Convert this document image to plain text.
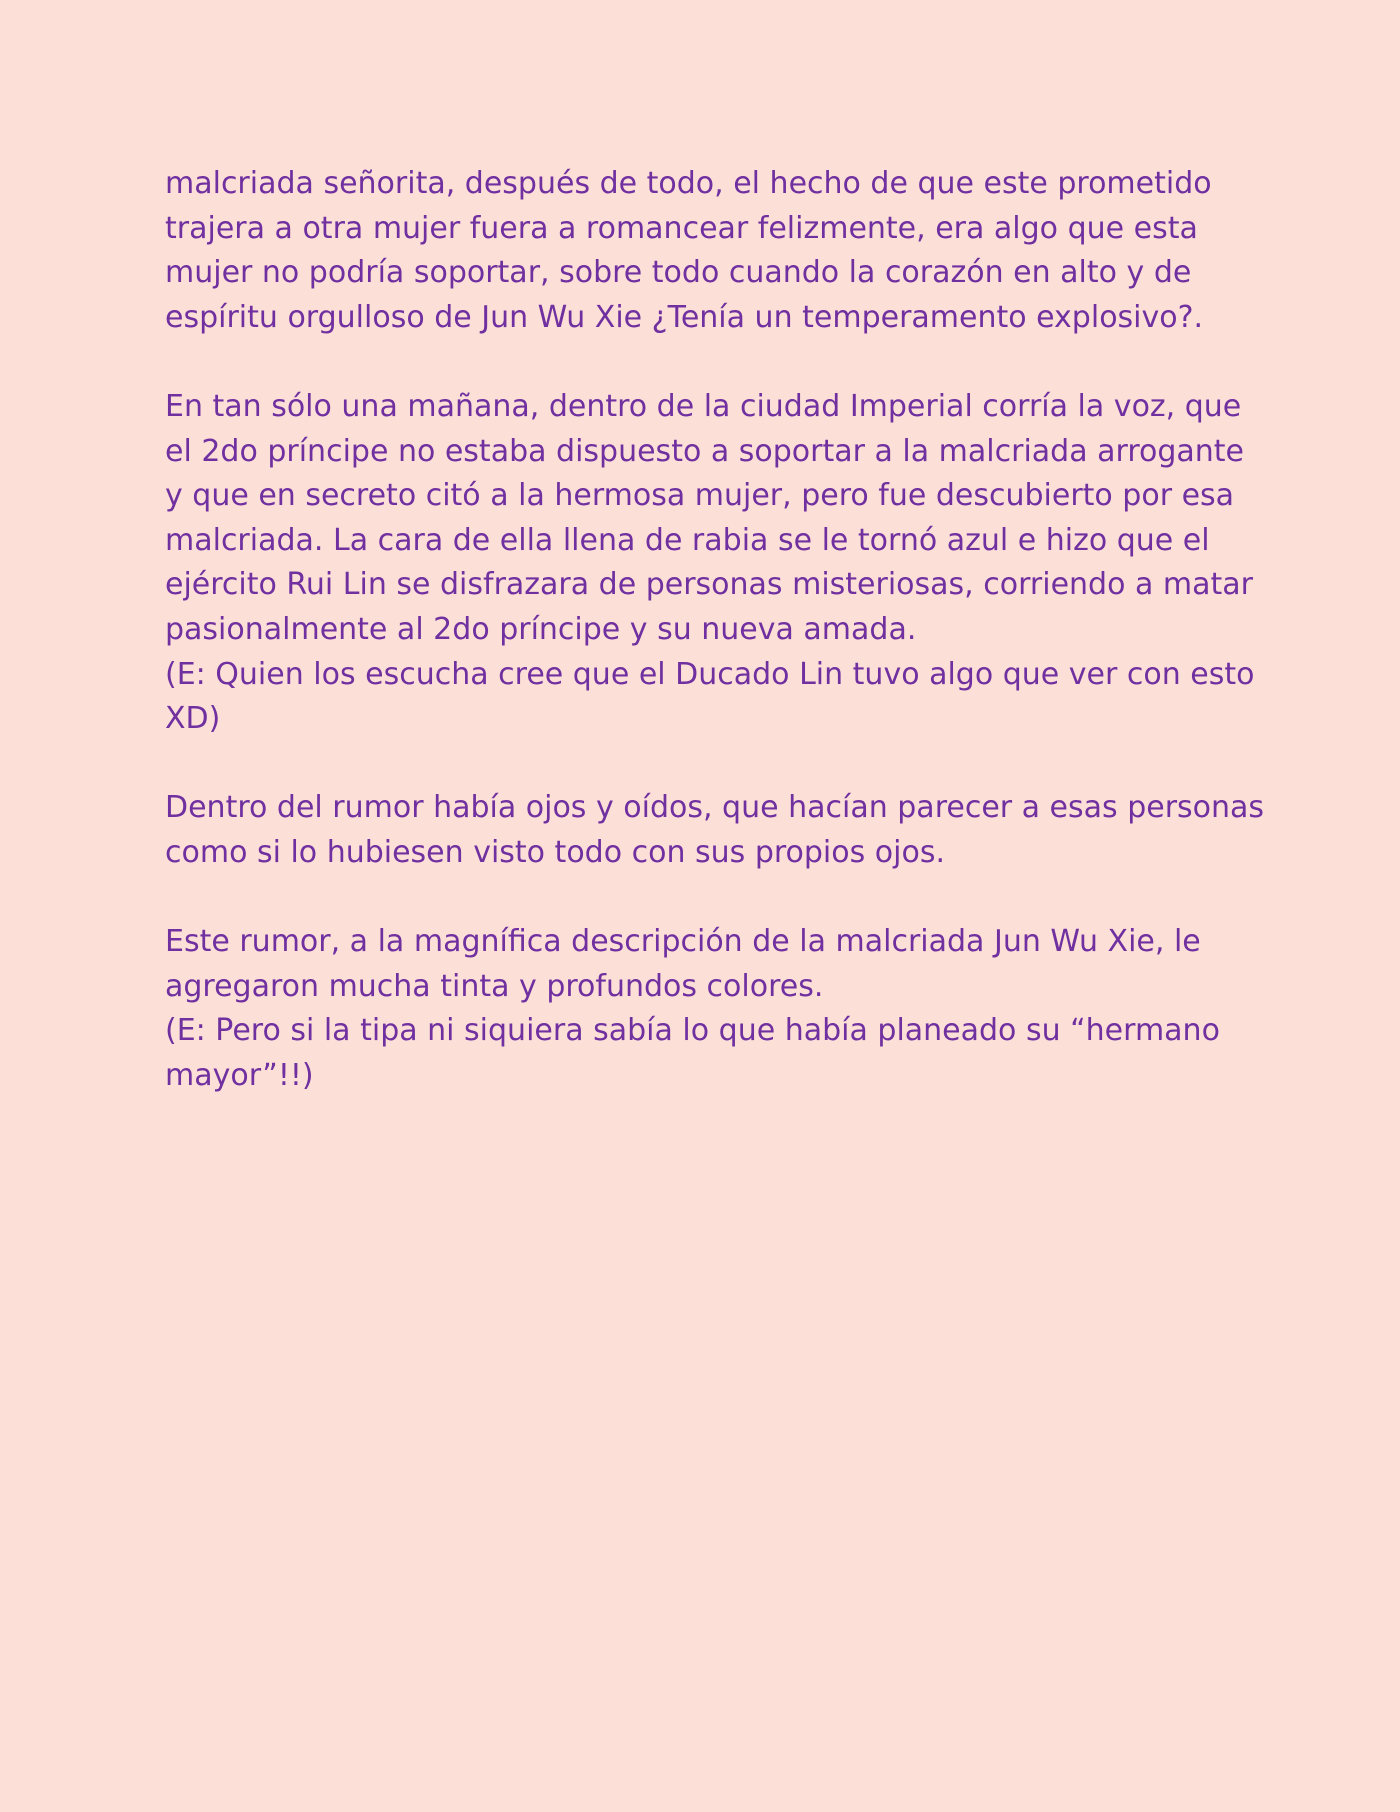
malcriada señorita, después de todo, el hecho de que este prometido
trajera a otra mujer fuera a romancear felizmente, era algo que esta
mujer no podría soportar, sobre todo cuando la corazón en alto y de
espíritu orgulloso de Jun Wu Xie ¿Tenía un temperamento explosivo?.
En tan sólo una mañana, dentro de la ciudad Imperial corría la voz, que
el 2do príncipe no estaba dispuesto a soportar a la malcriada arrogante
y que en secreto citó a la hermosa mujer, pero fue descubierto por esa
malcriada. La cara de ella llena de rabia se le tornó azul e hizo que el
ejército Rui Lin se disfrazara de personas misteriosas, corriendo a matar
pasionalmente al 2do príncipe y su nueva amada.
(E: Quien los escucha cree que el Ducado Lin tuvo algo que ver con esto
XD)
Dentro del rumor había ojos y oídos, que hacían parecer a esas personas
como si lo hubiesen visto todo con sus propios ojos.
Este rumor, a la magnífica descripción de la malcriada Jun Wu Xie, le
agregaron mucha tinta y profundos colores.
(E: Pero si la tipa ni siquiera sabía lo que había planeado su “hermano
mayor”!!)
